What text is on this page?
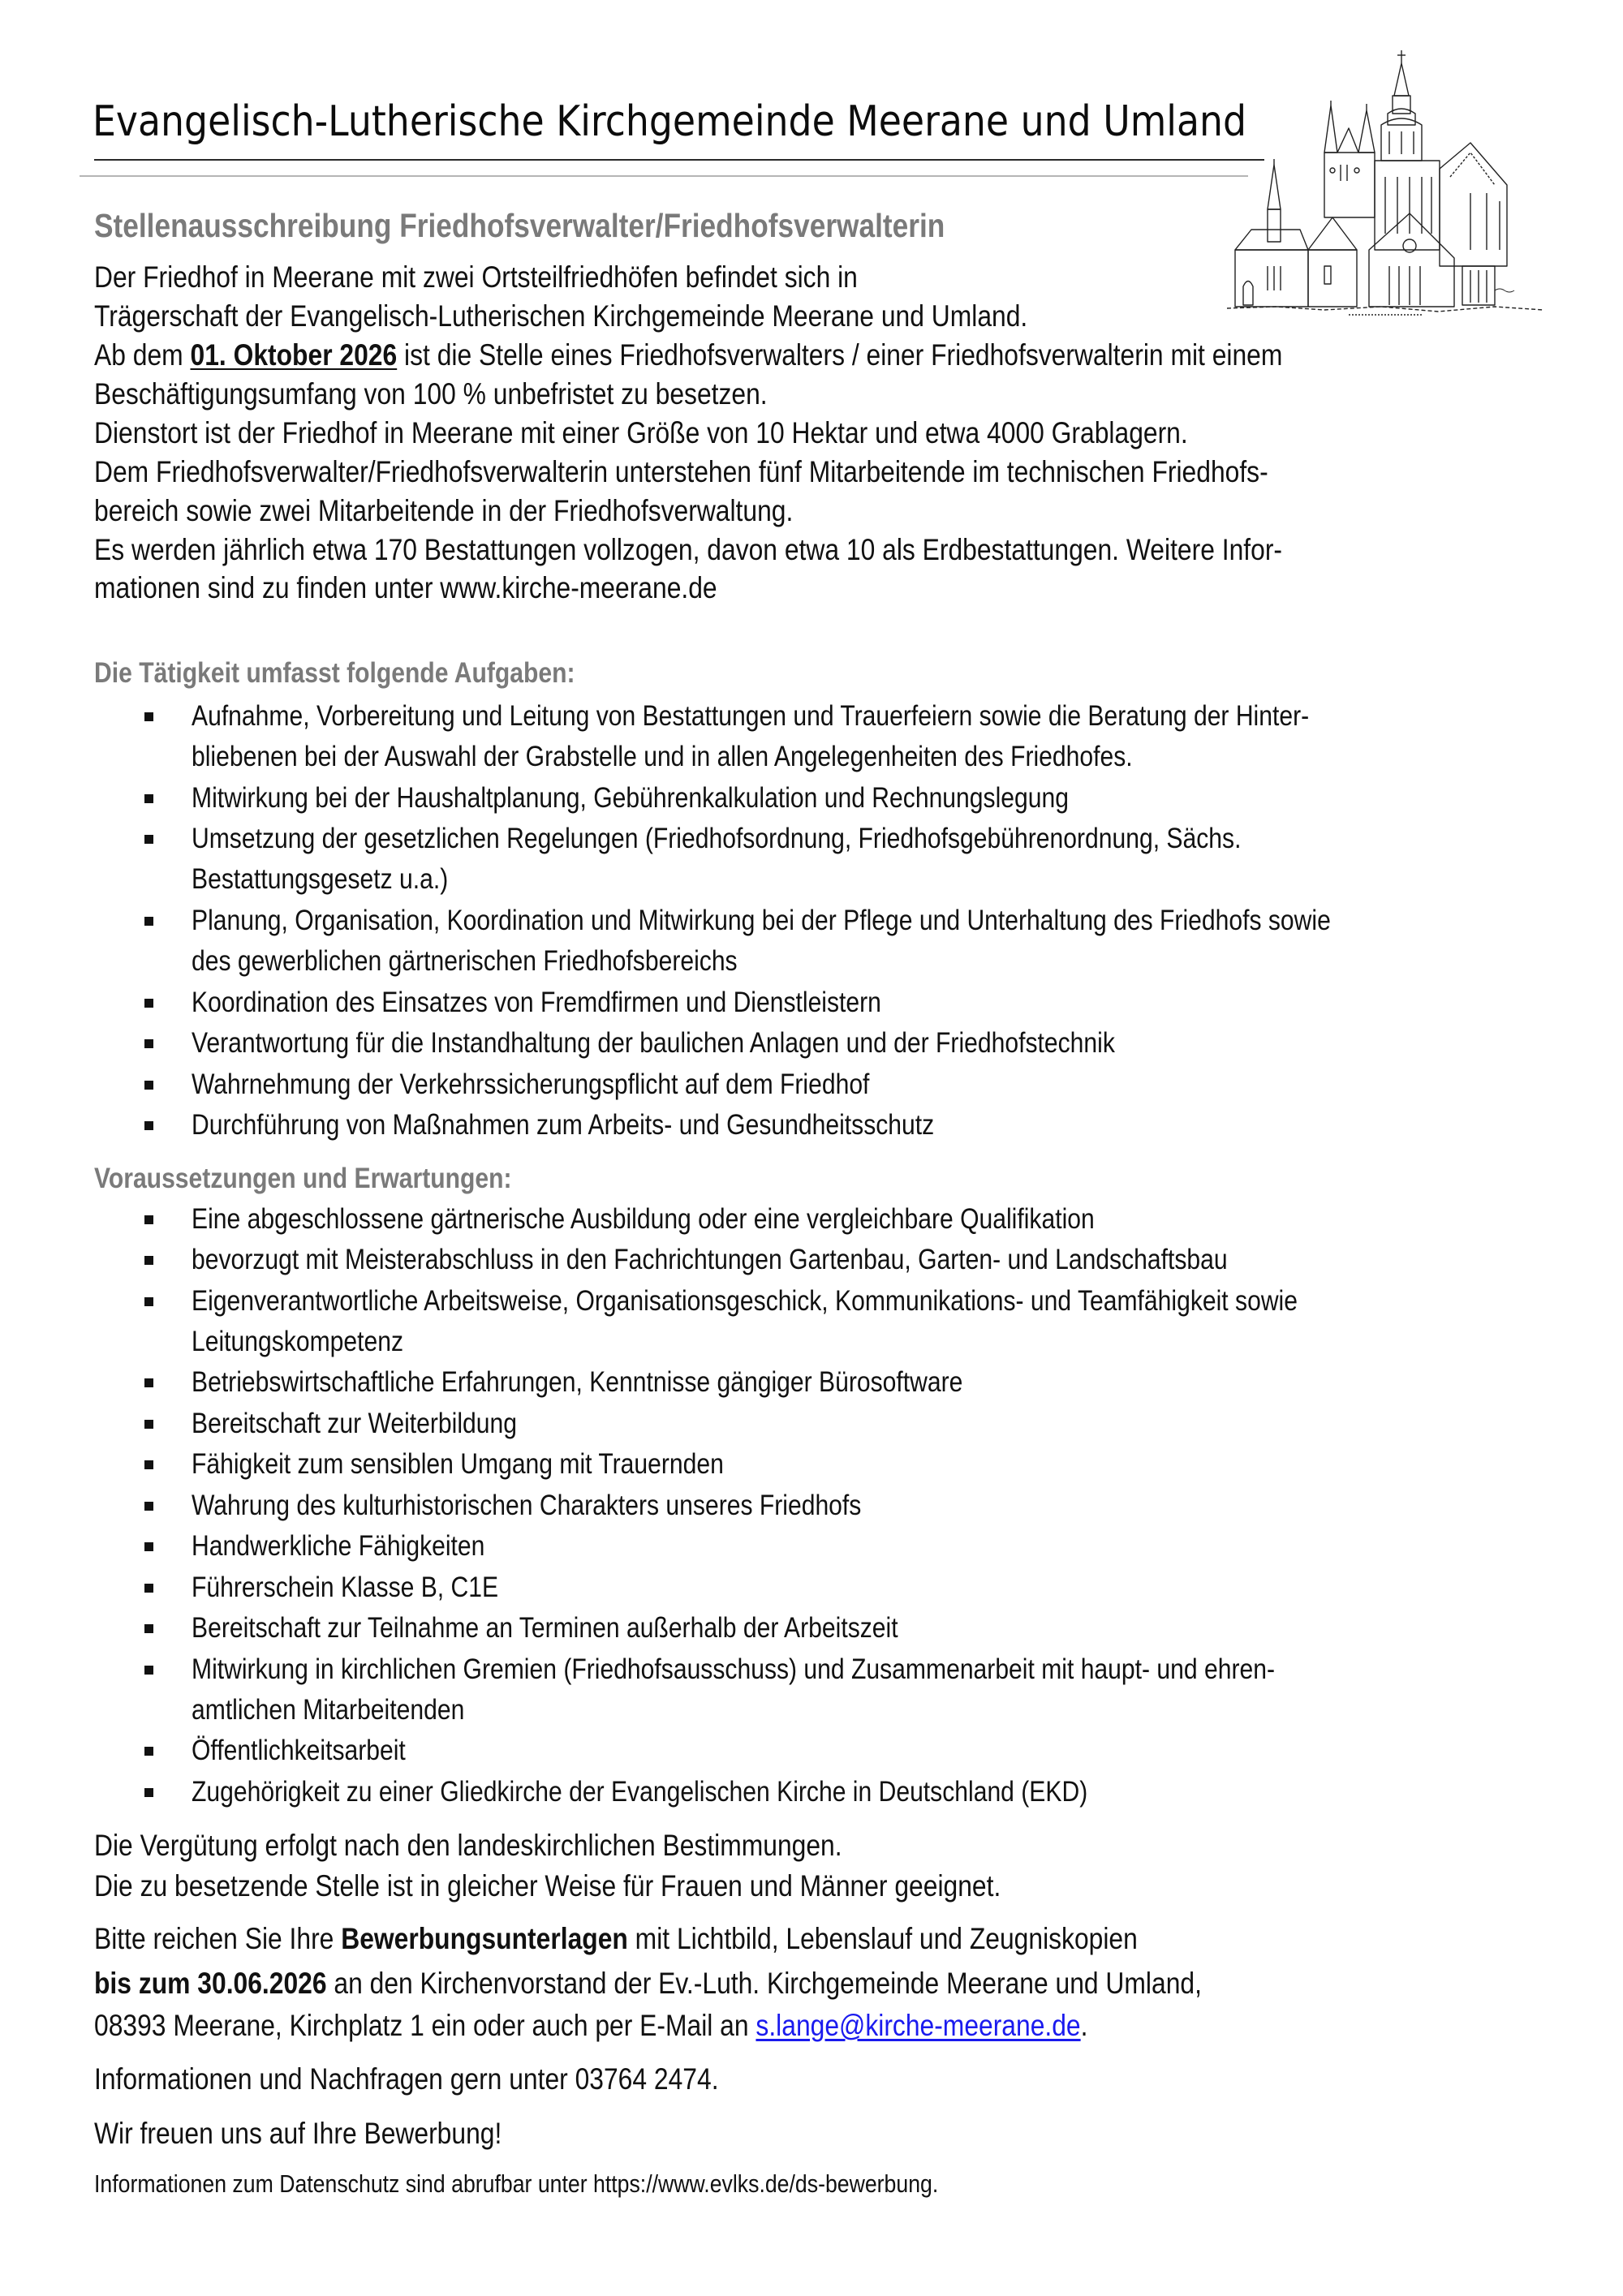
Evangelisch-Lutherische Kirchgemeinde Meerane und Umland
Stellenausschreibung Friedhofsverwalter/Friedhofsverwalterin
Der Friedhof in Meerane mit zwei Ortsteilfriedhöfen befindet sich in
Trägerschaft der Evangelisch-Lutherischen Kirchgemeinde Meerane und Umland.
Ab dem 01. Oktober 2026 ist die Stelle eines Friedhofsverwalters / einer Friedhofsverwalterin mit einem
Beschäftigungsumfang von 100 % unbefristet zu besetzen.
Dienstort ist der Friedhof in Meerane mit einer Größe von 10 Hektar und etwa 4000 Grablagern.
Dem Friedhofsverwalter/Friedhofsverwalterin unterstehen fünf Mitarbeitende im technischen Friedhofs-
bereich sowie zwei Mitarbeitende in der Friedhofsverwaltung.
Es werden jährlich etwa 170 Bestattungen vollzogen, davon etwa 10 als Erdbestattungen. Weitere Infor-
mationen sind zu finden unter www.kirche-meerane.de
Die Tätigkeit umfasst folgende Aufgaben:
Aufnahme, Vorbereitung und Leitung von Bestattungen und Trauerfeiern sowie die Beratung der Hinter-
bliebenen bei der Auswahl der Grabstelle und in allen Angelegenheiten des Friedhofes.
Mitwirkung bei der Haushaltplanung, Gebührenkalkulation und Rechnungslegung
Umsetzung der gesetzlichen Regelungen (Friedhofsordnung, Friedhofsgebührenordnung, Sächs.
Bestattungsgesetz u.a.)
Planung, Organisation, Koordination und Mitwirkung bei der Pflege und Unterhaltung des Friedhofs sowie
des gewerblichen gärtnerischen Friedhofsbereichs
Koordination des Einsatzes von Fremdfirmen und Dienstleistern
Verantwortung für die Instandhaltung der baulichen Anlagen und der Friedhofstechnik
Wahrnehmung der Verkehrssicherungspflicht auf dem Friedhof
Durchführung von Maßnahmen zum Arbeits- und Gesundheitsschutz
Voraussetzungen und Erwartungen:
Eine abgeschlossene gärtnerische Ausbildung oder eine vergleichbare Qualifikation
bevorzugt mit Meisterabschluss in den Fachrichtungen Gartenbau, Garten- und Landschaftsbau
Eigenverantwortliche Arbeitsweise, Organisationsgeschick, Kommunikations- und Teamfähigkeit sowie
Leitungskompetenz
Betriebswirtschaftliche Erfahrungen, Kenntnisse gängiger Bürosoftware
Bereitschaft zur Weiterbildung
Fähigkeit zum sensiblen Umgang mit Trauernden
Wahrung des kulturhistorischen Charakters unseres Friedhofs
Handwerkliche Fähigkeiten
Führerschein Klasse B, C1E
Bereitschaft zur Teilnahme an Terminen außerhalb der Arbeitszeit
Mitwirkung in kirchlichen Gremien (Friedhofsausschuss) und Zusammenarbeit mit haupt- und ehren-
amtlichen Mitarbeitenden
Öffentlichkeitsarbeit
Zugehörigkeit zu einer Gliedkirche der Evangelischen Kirche in Deutschland (EKD)
Die Vergütung erfolgt nach den landeskirchlichen Bestimmungen.
Die zu besetzende Stelle ist in gleicher Weise für Frauen und Männer geeignet.
Bitte reichen Sie Ihre Bewerbungsunterlagen mit Lichtbild, Lebenslauf und Zeugniskopien
bis zum 30.06.2026 an den Kirchenvorstand der Ev.-Luth. Kirchgemeinde Meerane und Umland,
08393 Meerane, Kirchplatz 1 ein oder auch per E-Mail an s.lange@kirche-meerane.de.
Informationen und Nachfragen gern unter 03764 2474.
Wir freuen uns auf Ihre Bewerbung!
Informationen zum Datenschutz sind abrufbar unter https://www.evlks.de/ds-bewerbung.
